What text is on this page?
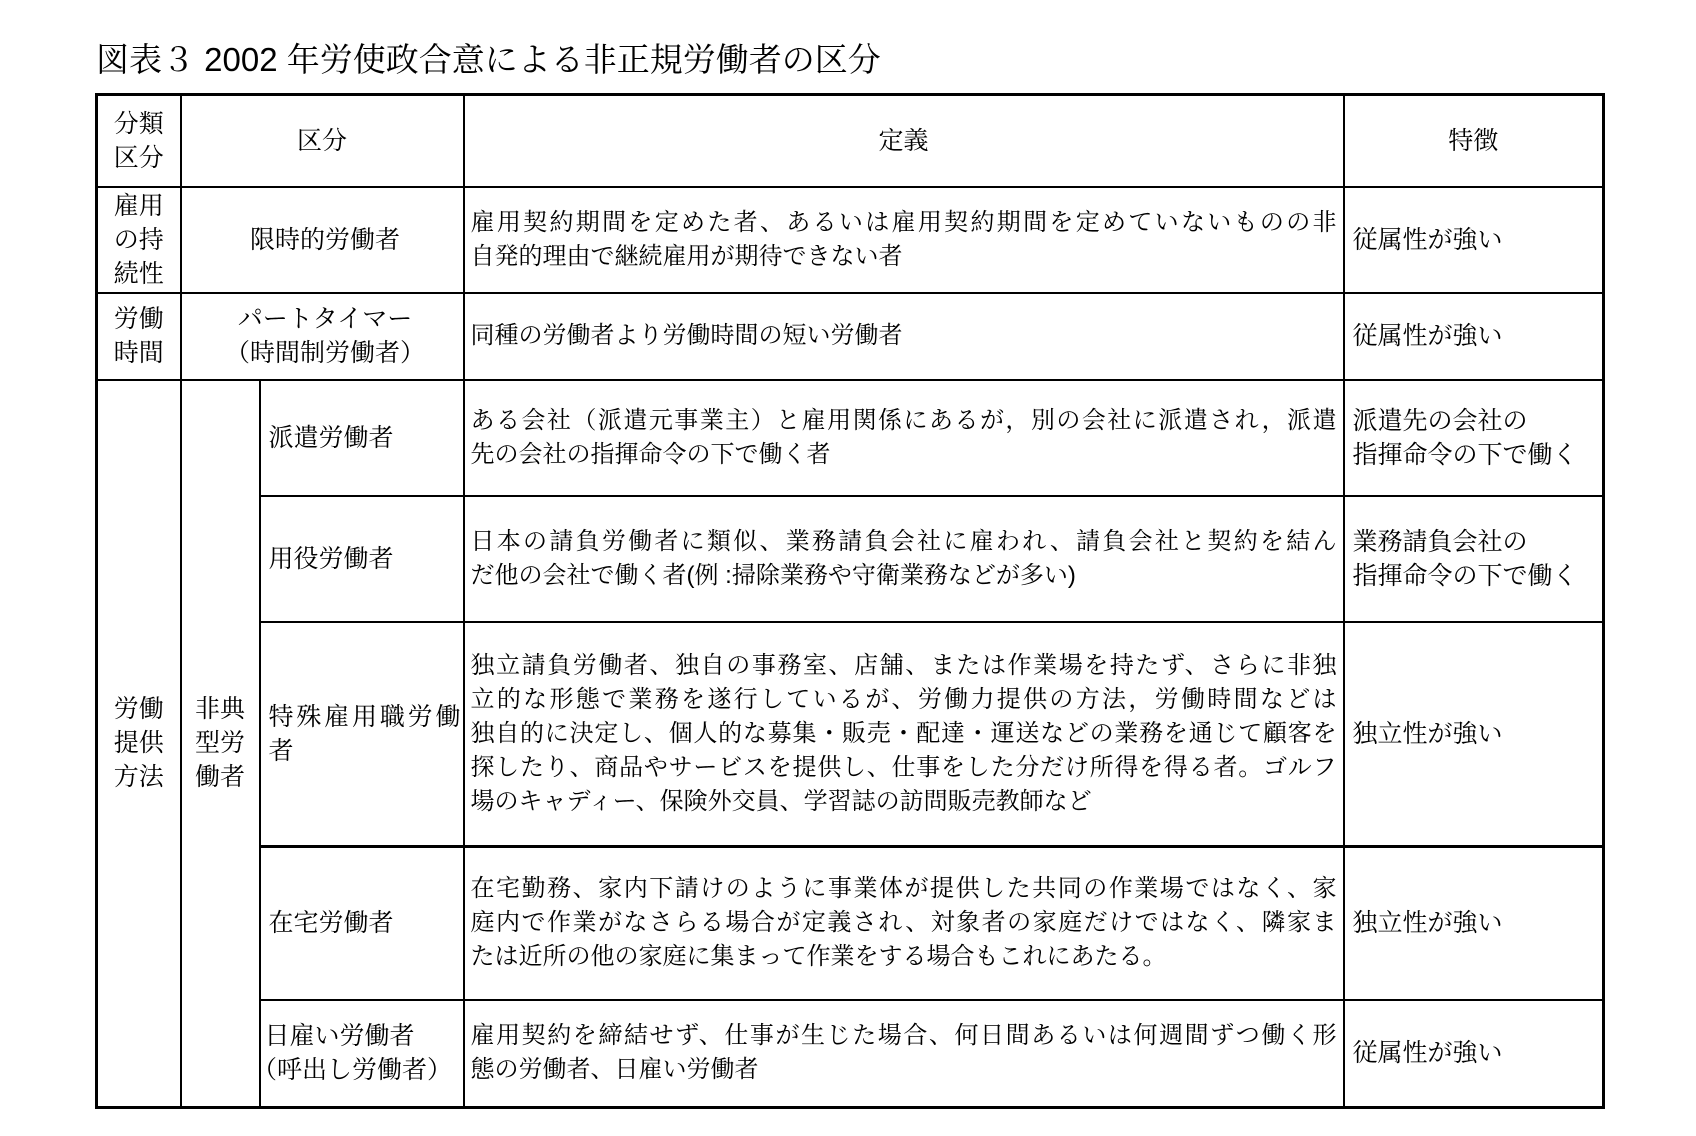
図表３ 2002 年労使政合意による非正規労働者の区分
分類区分	区分		定義	特徴
雇用の持続性	限時的労働者		雇用契約期間を定めた者、あるいは雇用契約期間を定めていないものの非
自発的理由で継続雇用が期待できない者	従属性が強い

労働時間	パートタイマー
（時間制労働者）		同種の労働者より労働時間の短い労働者	従属性が強い

労働提供方法	非典型労働者	派遣労働者	ある会社（派遣元事業主）と雇用関係にあるが，別の会社に派遣され，派遣
先の会社の指揮命令の下で働く者	派遣先の会社の
指揮命令の下で働く

		用役労働者	日本の請負労働者に類似、業務請負会社に雇われ、請負会社と契約を結ん
だ他の会社で働く者(例 :掃除業務や守衛業務などが多い)	業務請負会社の
指揮命令の下で働く

		特殊雇用職労働者	独立請負労働者、独自の事務室、店舗、または作業場を持たず、さらに非独
立的な形態で業務を遂行しているが、労働力提供の方法，労働時間などは
独自的に決定し、個人的な募集・販売・配達・運送などの業務を通じて顧客を
探したり、商品やサービスを提供し、仕事をした分だけ所得を得る者。ゴルフ
場のキャディー、保険外交員、学習誌の訪問販売教師など	独立性が強い

		在宅労働者	在宅勤務、家内下請けのように事業体が提供した共同の作業場ではなく、家
庭内で作業がなさらる場合が定義され、対象者の家庭だけではなく、隣家ま
たは近所の他の家庭に集まって作業をする場合もこれにあたる。	独立性が強い

		日雇い労働者
（呼出し労働者）	雇用契約を締結せず、仕事が生じた場合、何日間あるいは何週間ずつ働く形
態の労働者、日雇い労働者	従属性が強い
